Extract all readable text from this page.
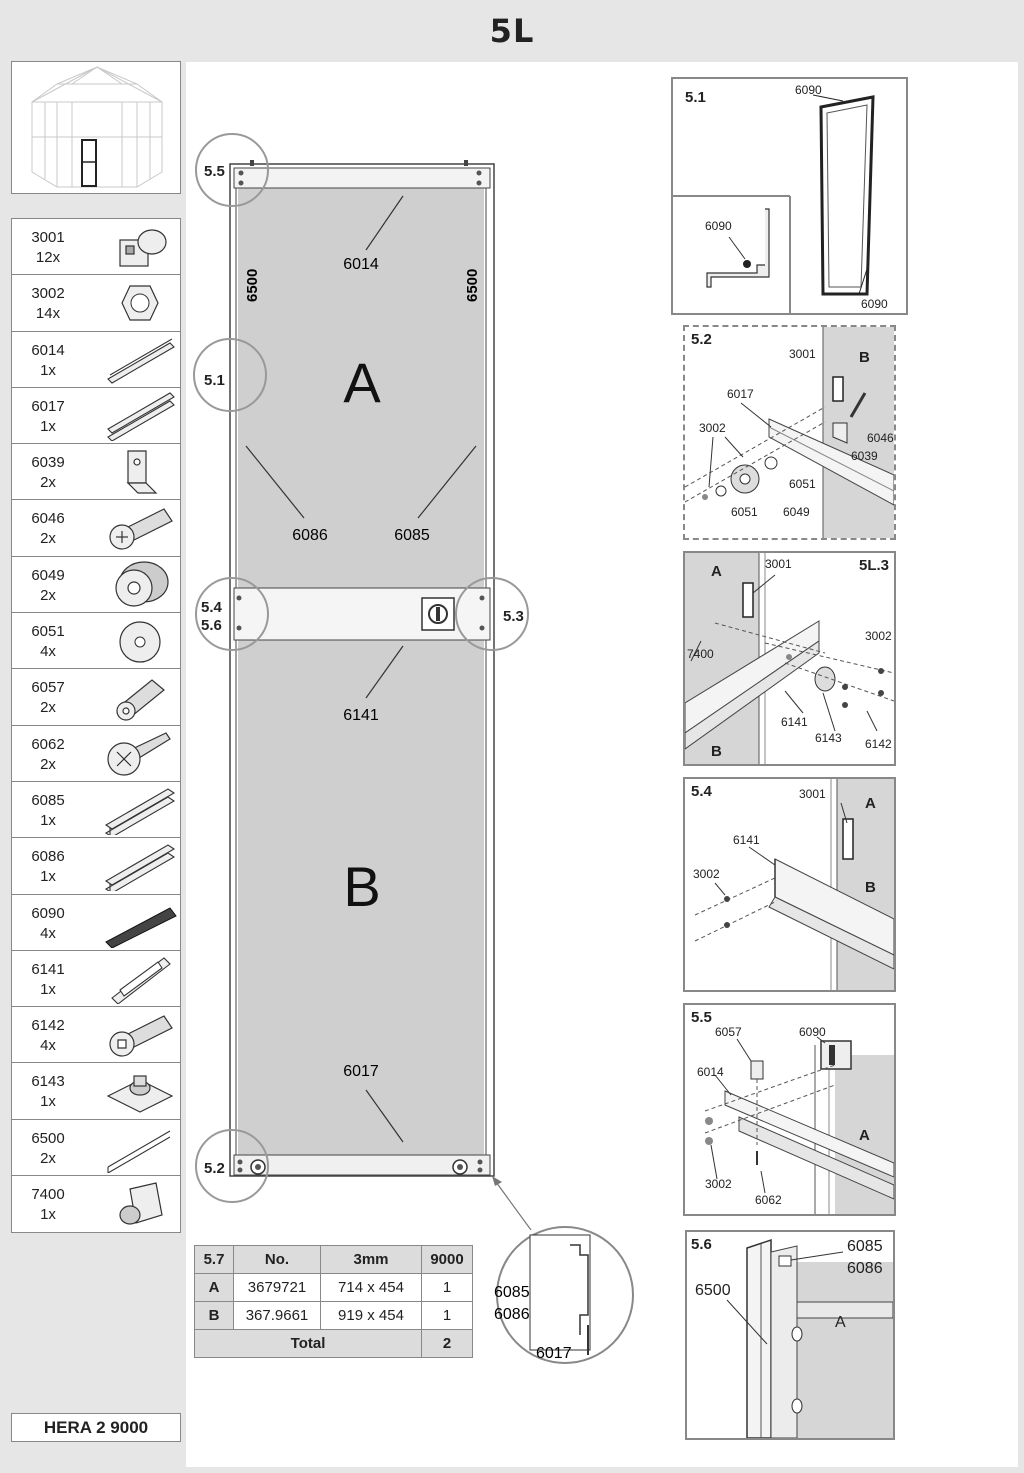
5L
3001
12x
3002
14x
6014
1x
6017
1x
6039
2x
6046
2x
6049
2x
6051
4x
6057
2x
6062
2x
6085
1x
6086
1x
6090
4x
6141
1x
6142
4x
6143
1x
6500
2x
7400
1x
HERA 2 9000
A
B
6014
6086	6085
6141
6017
6500	6500
5.5
5.1
5.4
5.6
5.3
5.2
6085
6086
6017
5.7	No.	3mm	9000
A	3679721	714 x 454	1
B	367.9661	919 x 454	1
Total			2
5.1	6090
6090
6090
5.2
B
3001
6017
3002
6046
6039
6051
6051 6049
A
B
5L.3
3001
3002
7400
6141
6143 6142
5.4
A
B
3001
6141
3002
5.5
A
6057	6090
6014
3002
6062
5.6
A
6085
6086
6500
